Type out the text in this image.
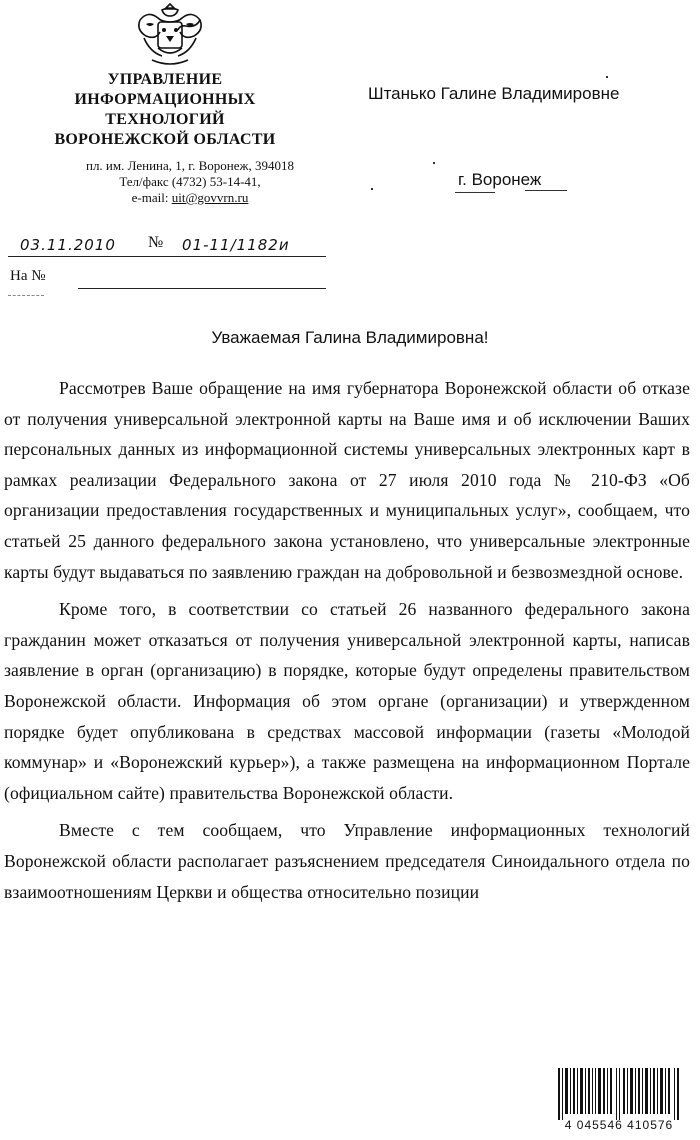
УПРАВЛЕНИЕ
ИНФОРМАЦИОННЫХ
ТЕХНОЛОГИЙ
ВОРОНЕЖСКОЙ ОБЛАСТИ
пл. им. Ленина, 1, г. Воронеж, 394018
Тел/факс (4732) 53-14-41,
e-mail: uit@govvrn.ru
Штанько Галине Владимировне
г. Воронеж
03.11.2010 № 01-11/1182и
На №
Уважаемая Галина Владимировна!

Рассмотрев Ваше обращение на имя губернатора Воронежской области об отказе от получения универсальной электронной карты на Ваше имя и об исключении Ваших персональных данных из информационной системы универсальных электронных карт в рамках реализации Федерального закона от 27 июля 2010 года № 210-ФЗ «Об организации предоставления государственных и муниципальных услуг», сообщаем, что статьей 25 данного федерального закона установлено, что универсальные электронные карты будут выдаваться по заявлению граждан на добровольной и безвозмездной основе.

Кроме того, в соответствии со статьей 26 названного федерального закона гражданин может отказаться от получения универсальной электронной карты, написав заявление в орган (организацию) в порядке, которые будут определены правительством Воронежской области. Информация об этом органе (организации) и утвержденном порядке будет опубликована в средствах массовой информации (газеты «Молодой коммунар» и «Воронежский курьер»), а также размещена на информационном Портале (официальном сайте) правительства Воронежской области.

Вместе с тем сообщаем, что Управление информационных технологий Воронежской области располагает разъяснением председателя Синоидального отдела по взаимоотношениям Церкви и общества относительно позиции

4 045546 410576
